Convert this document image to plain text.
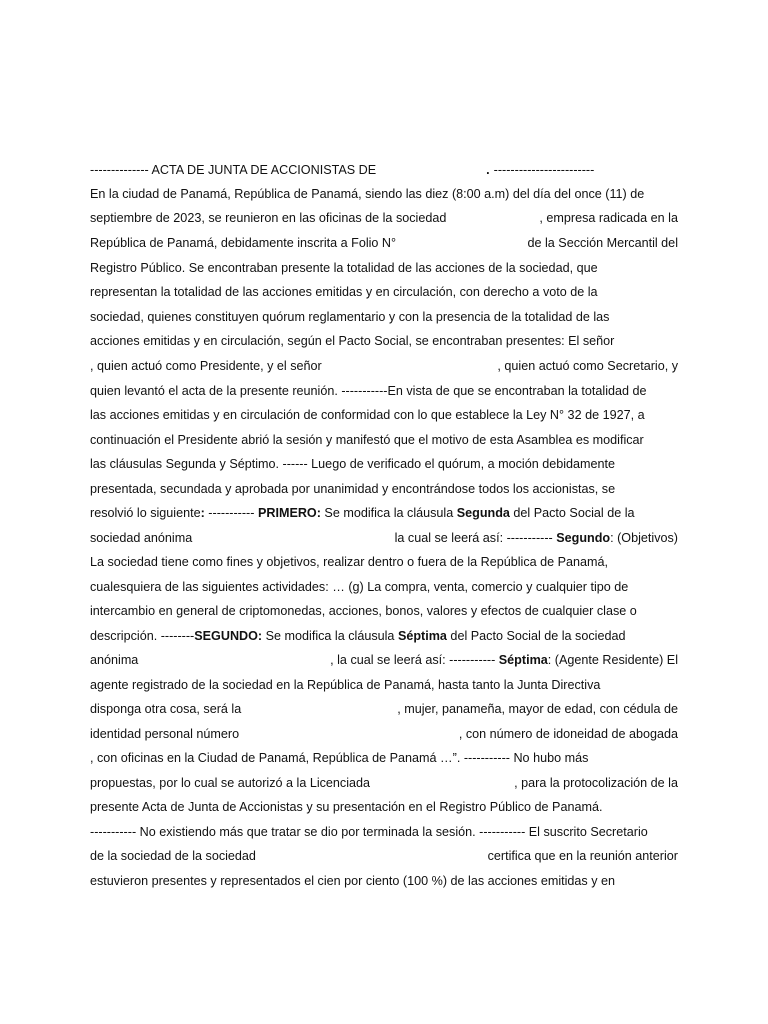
-------------- ACTA DE JUNTA DE ACCIONISTAS DE	. ------------------------
En la ciudad de Panamá, República de Panamá, siendo las diez (8:00 a.m) del día del once (11) de
septiembre de 2023, se reunieron en las oficinas de la sociedad	, empresa radicada en la
República de Panamá, debidamente inscrita a Folio N°	de la Sección Mercantil del
Registro Público. Se encontraban presente la totalidad de las acciones de la sociedad, que
representan la totalidad de las acciones emitidas y en circulación, con derecho a voto de la
sociedad, quienes constituyen quórum reglamentario y con la presencia de la totalidad de las
acciones emitidas y en circulación, según el Pacto Social, se encontraban presentes: El señor
, quien actuó como Presidente, y el señor	, quien actuó como Secretario, y
quien levantó el acta de la presente reunión. -----------En vista de que se encontraban la totalidad de
las acciones emitidas y en circulación de conformidad con lo que establece la Ley N° 32 de 1927, a
continuación el Presidente abrió la sesión y manifestó que el motivo de esta Asamblea es modificar
las cláusulas Segunda y Séptimo. ------ Luego de verificado el quórum, a moción debidamente
presentada, secundada y aprobada por unanimidad y encontrándose todos los accionistas, se
resolvió lo siguiente: ----------- PRIMERO: Se modifica la cláusula Segunda del Pacto Social de la
sociedad anónima	la cual se leerá así: ----------- Segundo: (Objetivos)
La sociedad tiene como fines y objetivos, realizar dentro o fuera de la República de Panamá,
cualesquiera de las siguientes actividades: … (g) La compra, venta, comercio y cualquier tipo de
intercambio en general de criptomonedas, acciones, bonos, valores y efectos de cualquier clase o
descripción. --------SEGUNDO: Se modifica la cláusula Séptima del Pacto Social de la sociedad
anónima	, la cual se leerá así: ----------- Séptima: (Agente Residente) El
agente registrado de la sociedad en la República de Panamá, hasta tanto la Junta Directiva
disponga otra cosa, será la	, mujer, panameña, mayor de edad, con cédula de
identidad personal número	, con número de idoneidad de abogada
, con oficinas en la Ciudad de Panamá, República de Panamá …”. ----------- No hubo más
propuestas, por lo cual se autorizó a la Licenciada	, para la protocolización de la
presente Acta de Junta de Accionistas y su presentación en el Registro Público de Panamá.
----------- No existiendo más que tratar se dio por terminada la sesión. ----------- El suscrito Secretario
de la sociedad de la sociedad	certifica que en la reunión anterior
estuvieron presentes y representados el cien por ciento (100 %) de las acciones emitidas y en
